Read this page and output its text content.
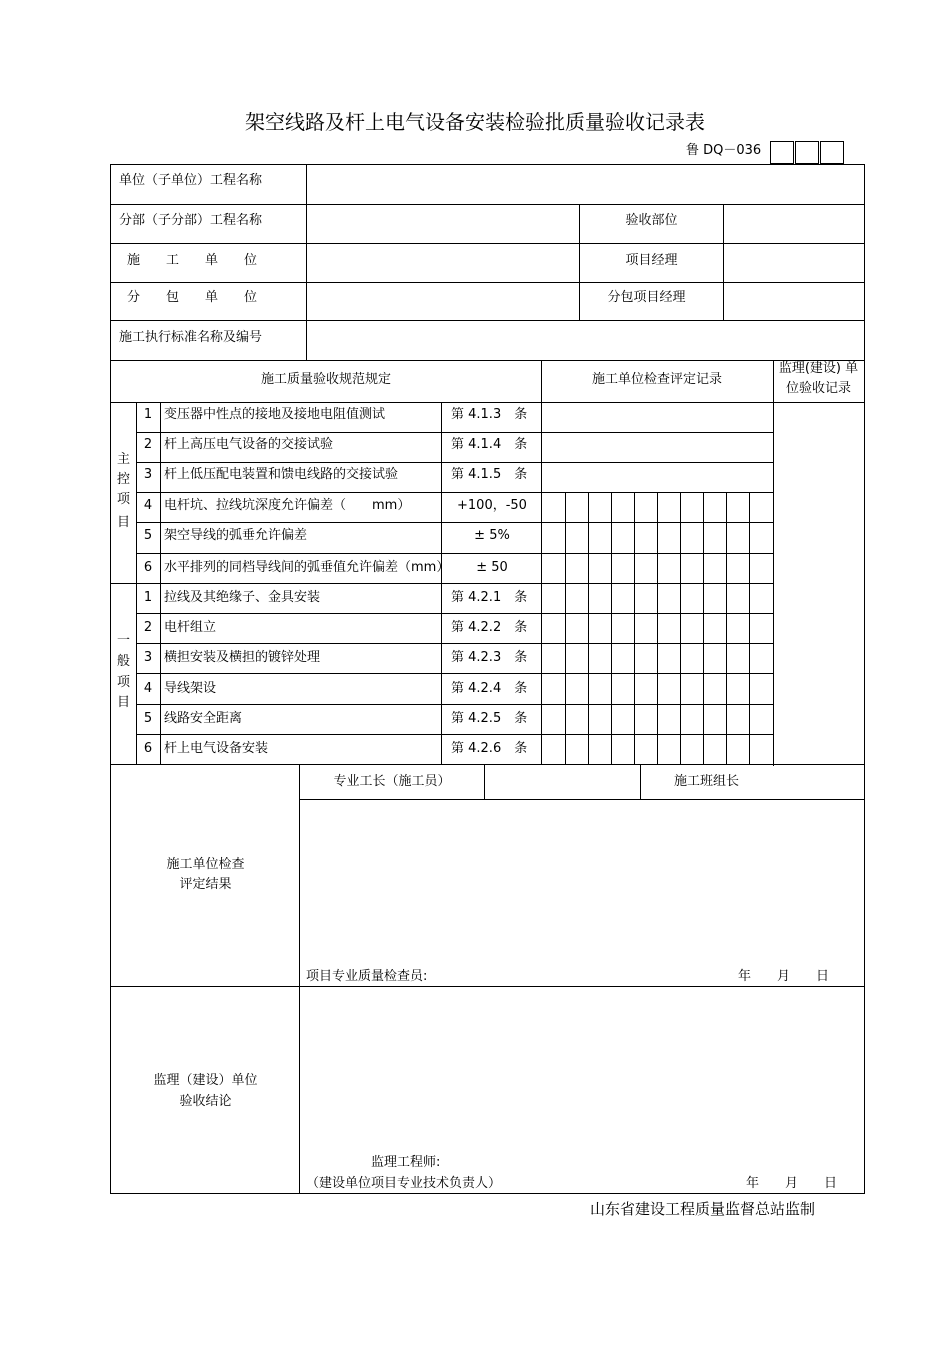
架空线路及杆上电气设备安装检验批质量验收记录表
鲁 DQ－036
单位（子单位）工程名称
分部（子分部）工程名称	验收部位
施　　工　　单　　位	项目经理
分　　包　　单　　位	分包项目经理
施工执行标准名称及编号
施工质量验收规范规定	施工单位检查评定记录
监理(建设) 单
位验收记录
主
控
项
目
一
般
项
目
1 变压器中性点的接地及接地电阻值测试	第 4.1.3　条
2 杆上高压电气设备的交接试验	第 4.1.4　条
3 杆上低压配电装置和馈电线路的交接试验	第 4.1.5　条
4 电杆坑、拉线坑深度允许偏差（　　mm）	+100，-50
5 架空导线的弧垂允许偏差	± 5%
6 水平排列的同档导线间的弧垂值允许偏差（mm）	± 50
1 拉线及其绝缘子、金具安装	第 4.2.1　条
2 电杆组立	第 4.2.2　条
3 横担安装及横担的镀锌处理	第 4.2.3　条
4 导线架设	第 4.2.4　条
5 线路安全距离	第 4.2.5　条
6 杆上电气设备安装	第 4.2.6　条
专业工长（施工员）	施工班组长
施工单位检查
评定结果
项目专业质量检查员:	年　　月　　日
监理（建设）单位
验收结论
监理工程师:
（建设单位项目专业技术负责人）	年　　月　　日
山东省建设工程质量监督总站监制
